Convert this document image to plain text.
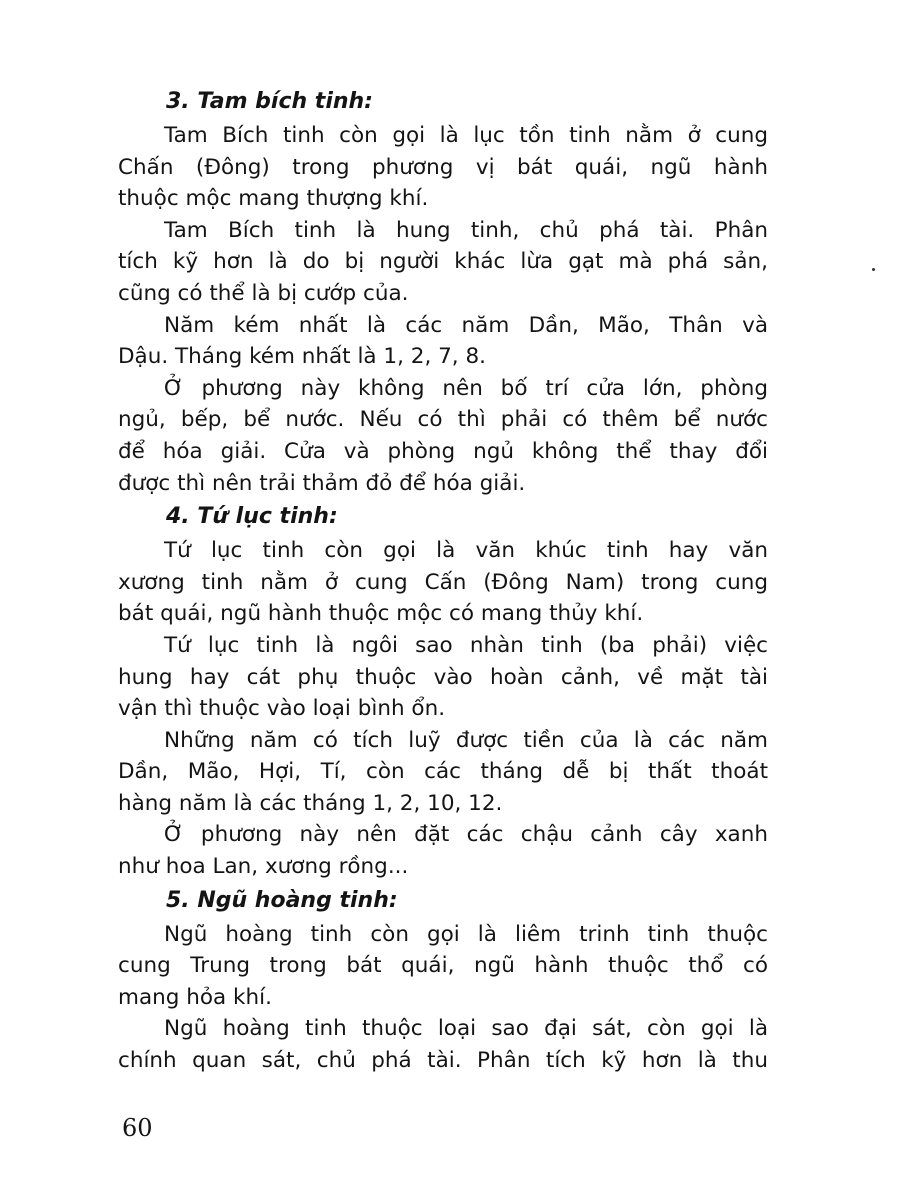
3. Tam bích tinh:
Tam Bích tinh còn gọi là lục tồn tinh nằm ở cung
Chấn (Đông) trong phương vị bát quái, ngũ hành
thuộc mộc mang thượng khí.
Tam Bích tinh là hung tinh, chủ phá tài. Phân
tích kỹ hơn là do bị người khác lừa gạt mà phá sản,
cũng có thể là bị cướp của.
Năm kém nhất là các năm Dần, Mão, Thân và
Dậu. Tháng kém nhất là 1, 2, 7, 8.
Ở phương này không nên bố trí cửa lớn, phòng
ngủ, bếp, bể nước. Nếu có thì phải có thêm bể nước
để hóa giải. Cửa và phòng ngủ không thể thay đổi
được thì nên trải thảm đỏ để hóa giải.
4. Tứ lục tinh:
Tứ lục tinh còn gọi là văn khúc tinh hay văn
xương tinh nằm ở cung Cấn (Đông Nam) trong cung
bát quái, ngũ hành thuộc mộc có mang thủy khí.
Tứ lục tinh là ngôi sao nhàn tinh (ba phải) việc
hung hay cát phụ thuộc vào hoàn cảnh, về mặt tài
vận thì thuộc vào loại bình ổn.
Những năm có tích luỹ được tiền của là các năm
Dần, Mão, Hợi, Tí, còn các tháng dễ bị thất thoát
hàng năm là các tháng 1, 2, 10, 12.
Ở phương này nên đặt các chậu cảnh cây xanh
như hoa Lan, xương rồng...
5. Ngũ hoàng tinh:
Ngũ hoàng tinh còn gọi là liêm trinh tinh thuộc
cung Trung trong bát quái, ngũ hành thuộc thổ có
mang hỏa khí.
Ngũ hoàng tinh thuộc loại sao đại sát, còn gọi là
chính quan sát, chủ phá tài. Phân tích kỹ hơn là thu
60
